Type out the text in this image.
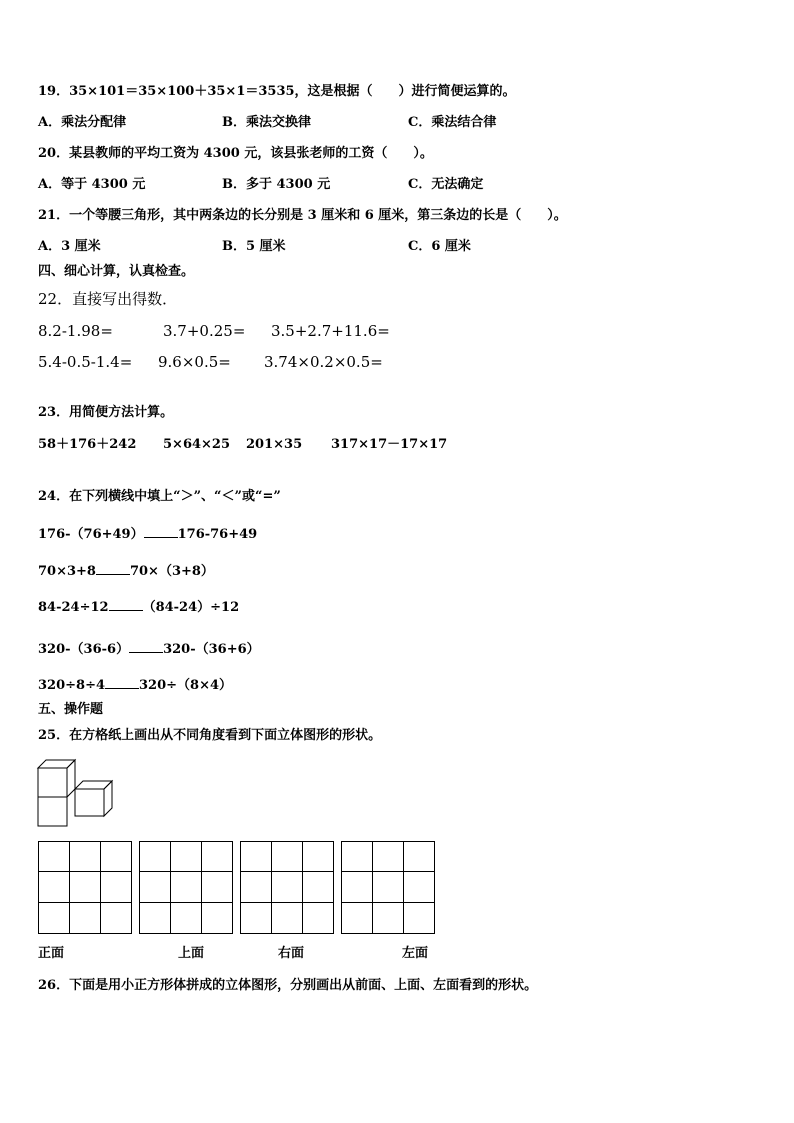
19．35×101＝35×100＋35×1＝3535，这是根据（　　）进行简便运算的。
A．乘法分配律	B．乘法交换律	C．乘法结合律
20．某县教师的平均工资为 4300 元，该县张老师的工资（　　）。
A．等于 4300 元	B．多于 4300 元	C．无法确定
21．一个等腰三角形，其中两条边的长分别是 3 厘米和 6 厘米，第三条边的长是（　　）。
A．3 厘米	B．5 厘米	C．6 厘米
四、细心计算，认真检查。
22．直接写出得数．
8.2-1.98=	3.7+0.25= 3.5+2.7+11.6=
5.4-0.5-1.4= 9.6×0.5= 3.74×0.2×0.5=
23．用简便方法计算。
58＋176＋242 5×64×25 201×35 317×17－17×17
24．在下列横线中填上“＞”、“＜”或“=”
176-（76+49）	176-76+49
70×3+8	70×（3+8）
84-24÷12	（84-24）÷12
320-（36-6）	320-（36+6）
320÷8÷4	320÷（8×4）
五、操作题
25．在方格纸上画出从不同角度看到下面立体图形的形状。
正面	上面	右面	左面
26．下面是用小正方形体拼成的立体图形，分别画出从前面、上面、左面看到的形状。
